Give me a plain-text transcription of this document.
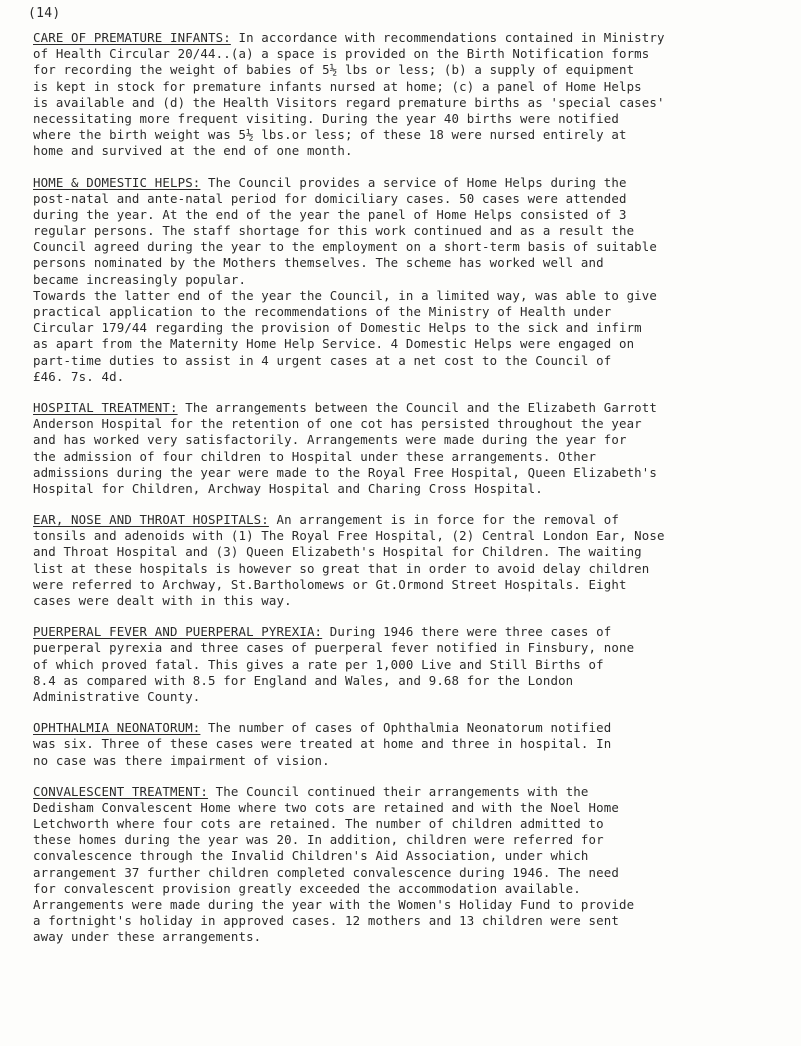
(14)
CARE OF PREMATURE INFANTS: In accordance with recommendations contained in Ministry
of Health Circular 20/44..(a) a space is provided on the Birth Notification forms
for recording the weight of babies of 5½ lbs or less; (b) a supply of equipment
is kept in stock for premature infants nursed at home; (c) a panel of Home Helps
is available and (d) the Health Visitors regard premature births as 'special cases'
necessitating more frequent visiting. During the year 40 births were notified
where the birth weight was 5½ lbs.or less; of these 18 were nursed entirely at
home and survived at the end of one month.
HOME & DOMESTIC HELPS: The Council provides a service of Home Helps during the
post-natal and ante-natal period for domiciliary cases. 50 cases were attended
during the year. At the end of the year the panel of Home Helps consisted of 3
regular persons. The staff shortage for this work continued and as a result the
Council agreed during the year to the employment on a short-term basis of suitable
persons nominated by the Mothers themselves. The scheme has worked well and
became increasingly popular.
Towards the latter end of the year the Council, in a limited way, was able to give
practical application to the recommendations of the Ministry of Health under
Circular 179/44 regarding the provision of Domestic Helps to the sick and infirm
as apart from the Maternity Home Help Service. 4 Domestic Helps were engaged on
part-time duties to assist in 4 urgent cases at a net cost to the Council of
£46. 7s. 4d.
HOSPITAL TREATMENT: The arrangements between the Council and the Elizabeth Garrott
Anderson Hospital for the retention of one cot has persisted throughout the year
and has worked very satisfactorily. Arrangements were made during the year for
the admission of four children to Hospital under these arrangements. Other
admissions during the year were made to the Royal Free Hospital, Queen Elizabeth's
Hospital for Children, Archway Hospital and Charing Cross Hospital.
EAR, NOSE AND THROAT HOSPITALS: An arrangement is in force for the removal of
tonsils and adenoids with (1) The Royal Free Hospital, (2) Central London Ear, Nose
and Throat Hospital and (3) Queen Elizabeth's Hospital for Children. The waiting
list at these hospitals is however so great that in order to avoid delay children
were referred to Archway, St.Bartholomews or Gt.Ormond Street Hospitals. Eight
cases were dealt with in this way.
PUERPERAL FEVER AND PUERPERAL PYREXIA: During 1946 there were three cases of
puerperal pyrexia and three cases of puerperal fever notified in Finsbury, none
of which proved fatal. This gives a rate per 1,000 Live and Still Births of
8.4 as compared with 8.5 for England and Wales, and 9.68 for the London
Administrative County.
OPHTHALMIA NEONATORUM: The number of cases of Ophthalmia Neonatorum notified
was six. Three of these cases were treated at home and three in hospital. In
no case was there impairment of vision.
CONVALESCENT TREATMENT: The Council continued their arrangements with the
Dedisham Convalescent Home where two cots are retained and with the Noel Home
Letchworth where four cots are retained. The number of children admitted to
these homes during the year was 20. In addition, children were referred for
convalescence through the Invalid Children's Aid Association, under which
arrangement 37 further children completed convalescence during 1946. The need
for convalescent provision greatly exceeded the accommodation available.
Arrangements were made during the year with the Women's Holiday Fund to provide
a fortnight's holiday in approved cases. 12 mothers and 13 children were sent
away under these arrangements.
